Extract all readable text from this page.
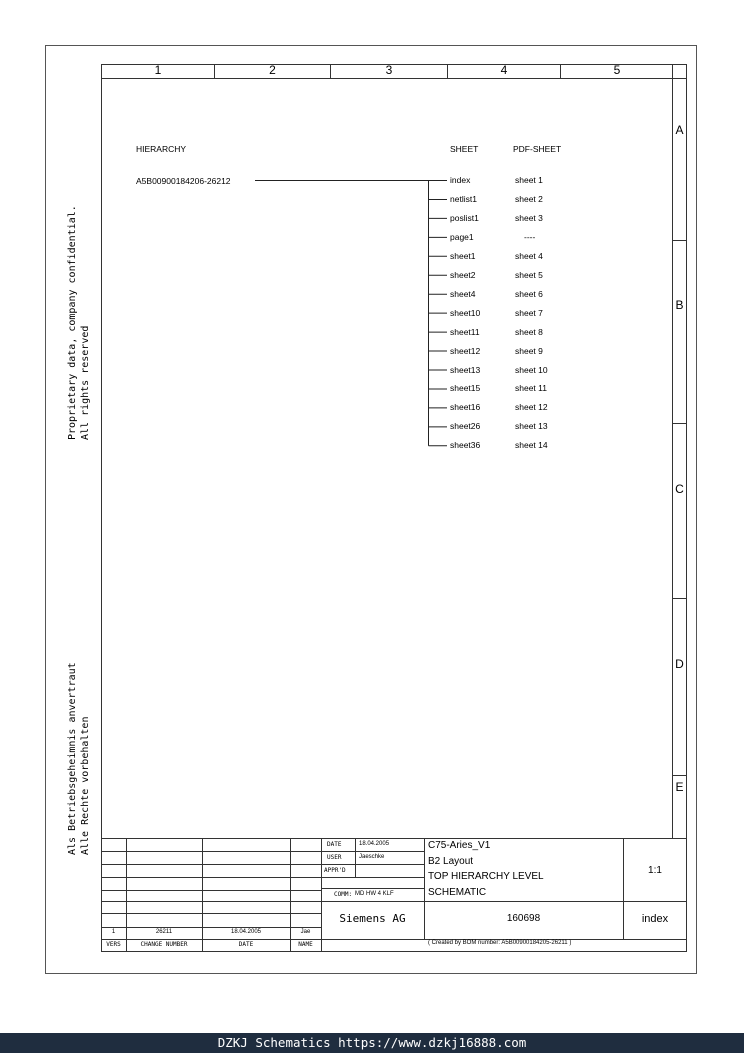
1	2	3	4	5
A
B
C
D
E
Proprietary data, company confidential.
All rights reserved
Als Betriebsgeheimnis anvertraut
Alle Rechte vorbehalten
HIERARCHY	SHEET	PDF-SHEET
A5B00900184206-26212	index	sheet 1
netlist1	sheet 2
poslist1	sheet 3
page1	----
sheet1	sheet 4
sheet2	sheet 5
sheet4	sheet 6
sheet10	sheet 7
sheet11	sheet 8
sheet12	sheet 9
sheet13	sheet 10
sheet15	sheet 11
sheet16	sheet 12
sheet26	sheet 13
sheet36	sheet 14
1	26211	18.04.2005	Jae
VERS	CHANGE NUMBER	DATE	NAME
DATE	18.04.2005
USER	Jaeschke
APPR'D
COMM: MD HW 4 KLF
C75-Aries_V1
B2 Layout
TOP HIERARCHY LEVEL
SCHEMATIC
1:1
Siemens AG	160698	index
( Created by BOM number: A5B00900184205-26211 )
DZKJ Schematics https://www.dzkj16888.com
